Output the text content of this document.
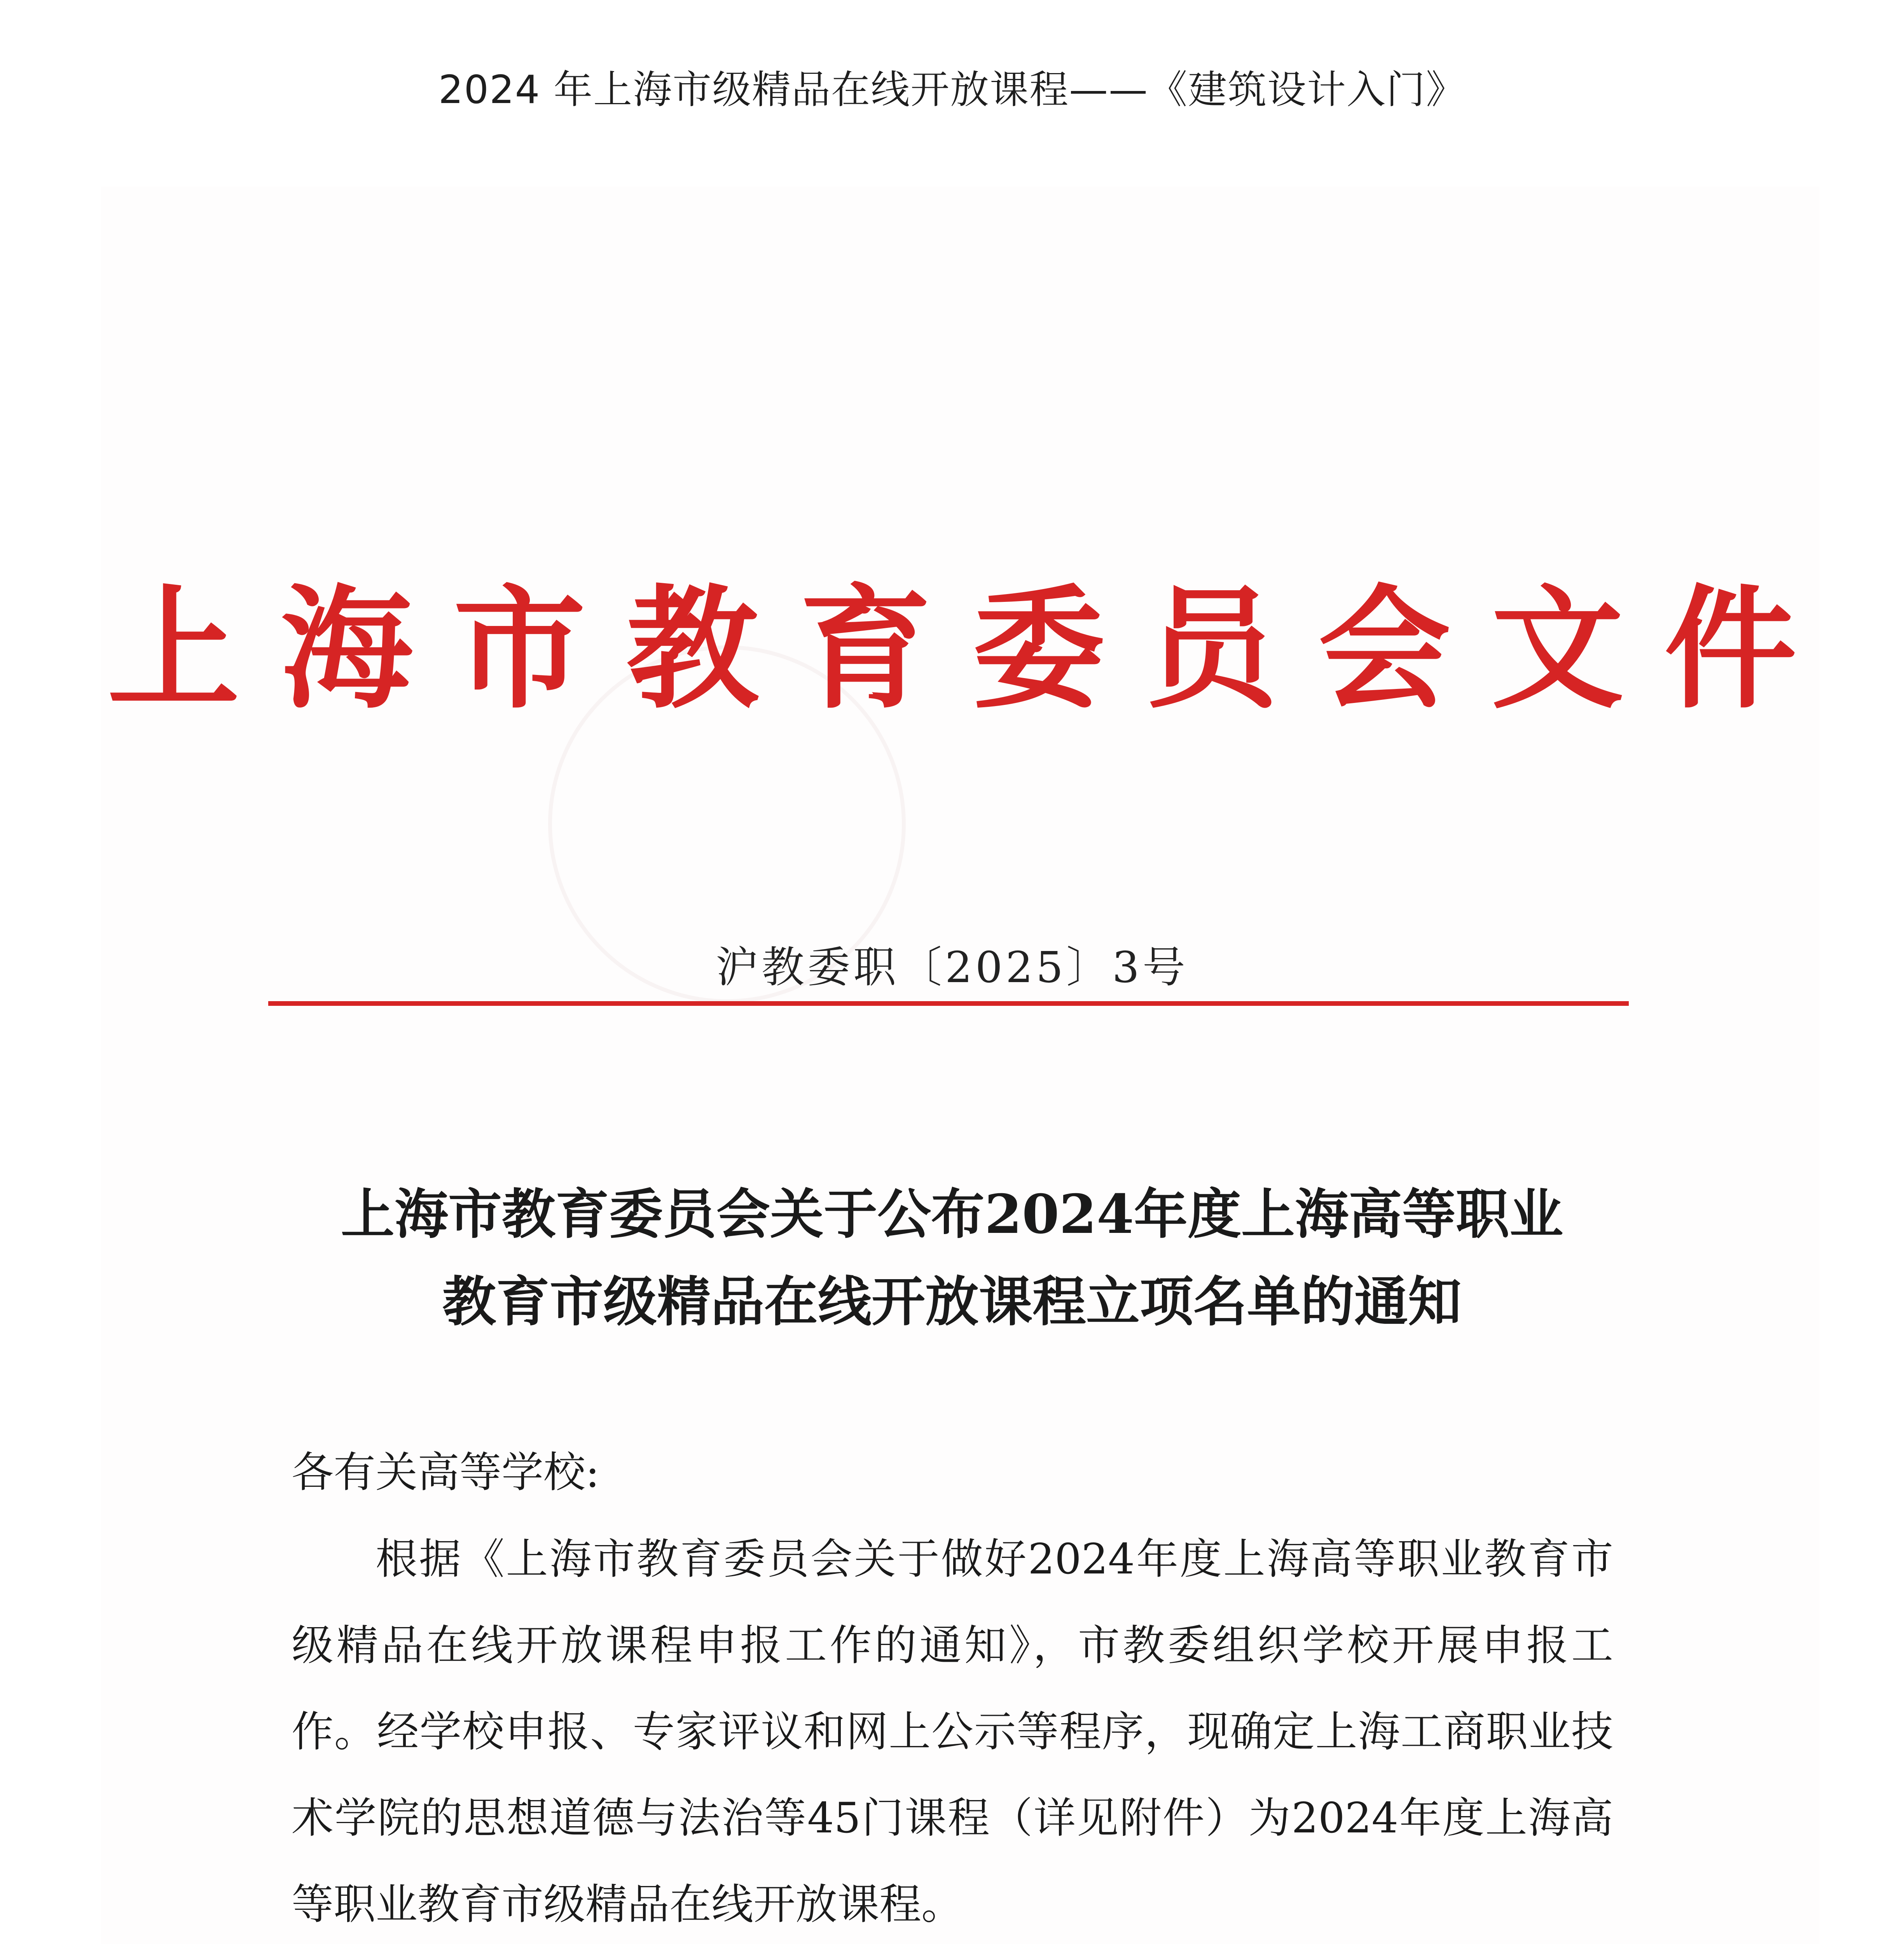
2024 年上海市级精品在线开放课程——《建筑设计入门》
上海市教育委员会文件
沪教委职〔2025〕3号
上海市教育委员会关于公布2024年度上海高等职业
教育市级精品在线开放课程立项名单的通知
各有关高等学校:
根据《上海市教育委员会关于做好2024年度上海高等职业教育市级精品在线开放课程申报工作的通知》，市教委组织学校开展申报工作。经学校申报、专家评议和网上公示等程序，现确定上海工商职业技术学院的思想道德与法治等45门课程（详见附件）为2024年度上海高等职业教育市级精品在线开放课程。
